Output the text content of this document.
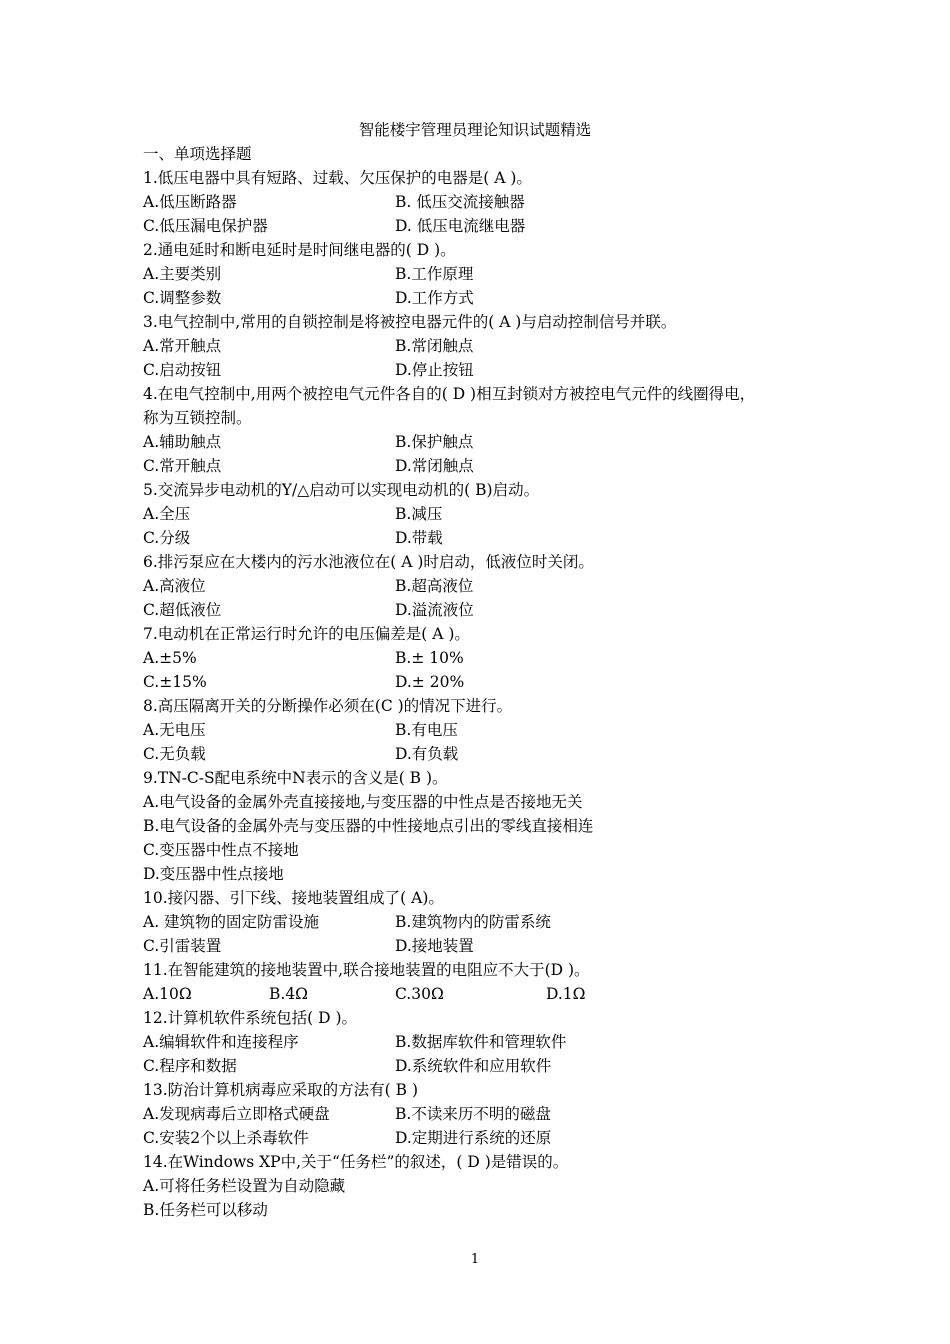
智能楼宇管理员理论知识试题精选
一、单项选择题
1.低压电器中具有短路、过载、欠压保护的电器是( A )。
A.低压断路器	B. 低压交流接触器
C.低压漏电保护器	D. 低压电流继电器
2.通电延时和断电延时是时间继电器的( D )。
A.主要类别	B.工作原理
C.调整参数	D.工作方式
3.电气控制中,常用的自锁控制是将被控电器元件的( A )与启动控制信号并联。
A.常开触点	B.常闭触点
C.启动按钮	D.停止按钮
4.在电气控制中,用两个被控电气元件各自的( D )相互封锁对方被控电气元件的线圈得电，
称为互锁控制。
A.辅助触点	B.保护触点
C.常开触点	D.常闭触点
5.交流异步电动机的Y/△启动可以实现电动机的( B)启动。
A.全压	B.减压
C.分级	D.带载
6.排污泵应在大楼内的污水池液位在( A )时启动，低液位时关闭。
A.高液位	B.超高液位
C.超低液位	D.溢流液位
7.电动机在正常运行时允许的电压偏差是( A )。
A.±5%	B.± 10%
C.±15%	D.± 20%
8.高压隔离开关的分断操作必须在(C )的情况下进行。
A.无电压	B.有电压
C.无负载	D.有负载
9.TN-C-S配电系统中N表示的含义是( B )。
A.电气设备的金属外壳直接接地,与变压器的中性点是否接地无关
B.电气设备的金属外壳与变压器的中性接地点引出的零线直接相连
C.变压器中性点不接地
D.变压器中性点接地
10.接闪器、引下线、接地装置组成了( A)。
A. 建筑物的固定防雷设施	B.建筑物内的防雷系统
C.引雷装置	D.接地装置
11.在智能建筑的接地装置中,联合接地装置的电阻应不大于(D )。
A.10Ω	B.4Ω	C.30Ω	D.1Ω
12.计算机软件系统包括( D )。
A.编辑软件和连接程序	B.数据库软件和管理软件
C.程序和数据	D.系统软件和应用软件
13.防治计算机病毒应采取的方法有( B )
A.发现病毒后立即格式硬盘	B.不读来历不明的磁盘
C.安装2个以上杀毒软件	D.定期进行系统的还原
14.在Windows XP中,关于“任务栏”的叙述，( D )是错误的。
A.可将任务栏设置为自动隐藏
B.任务栏可以移动
1
